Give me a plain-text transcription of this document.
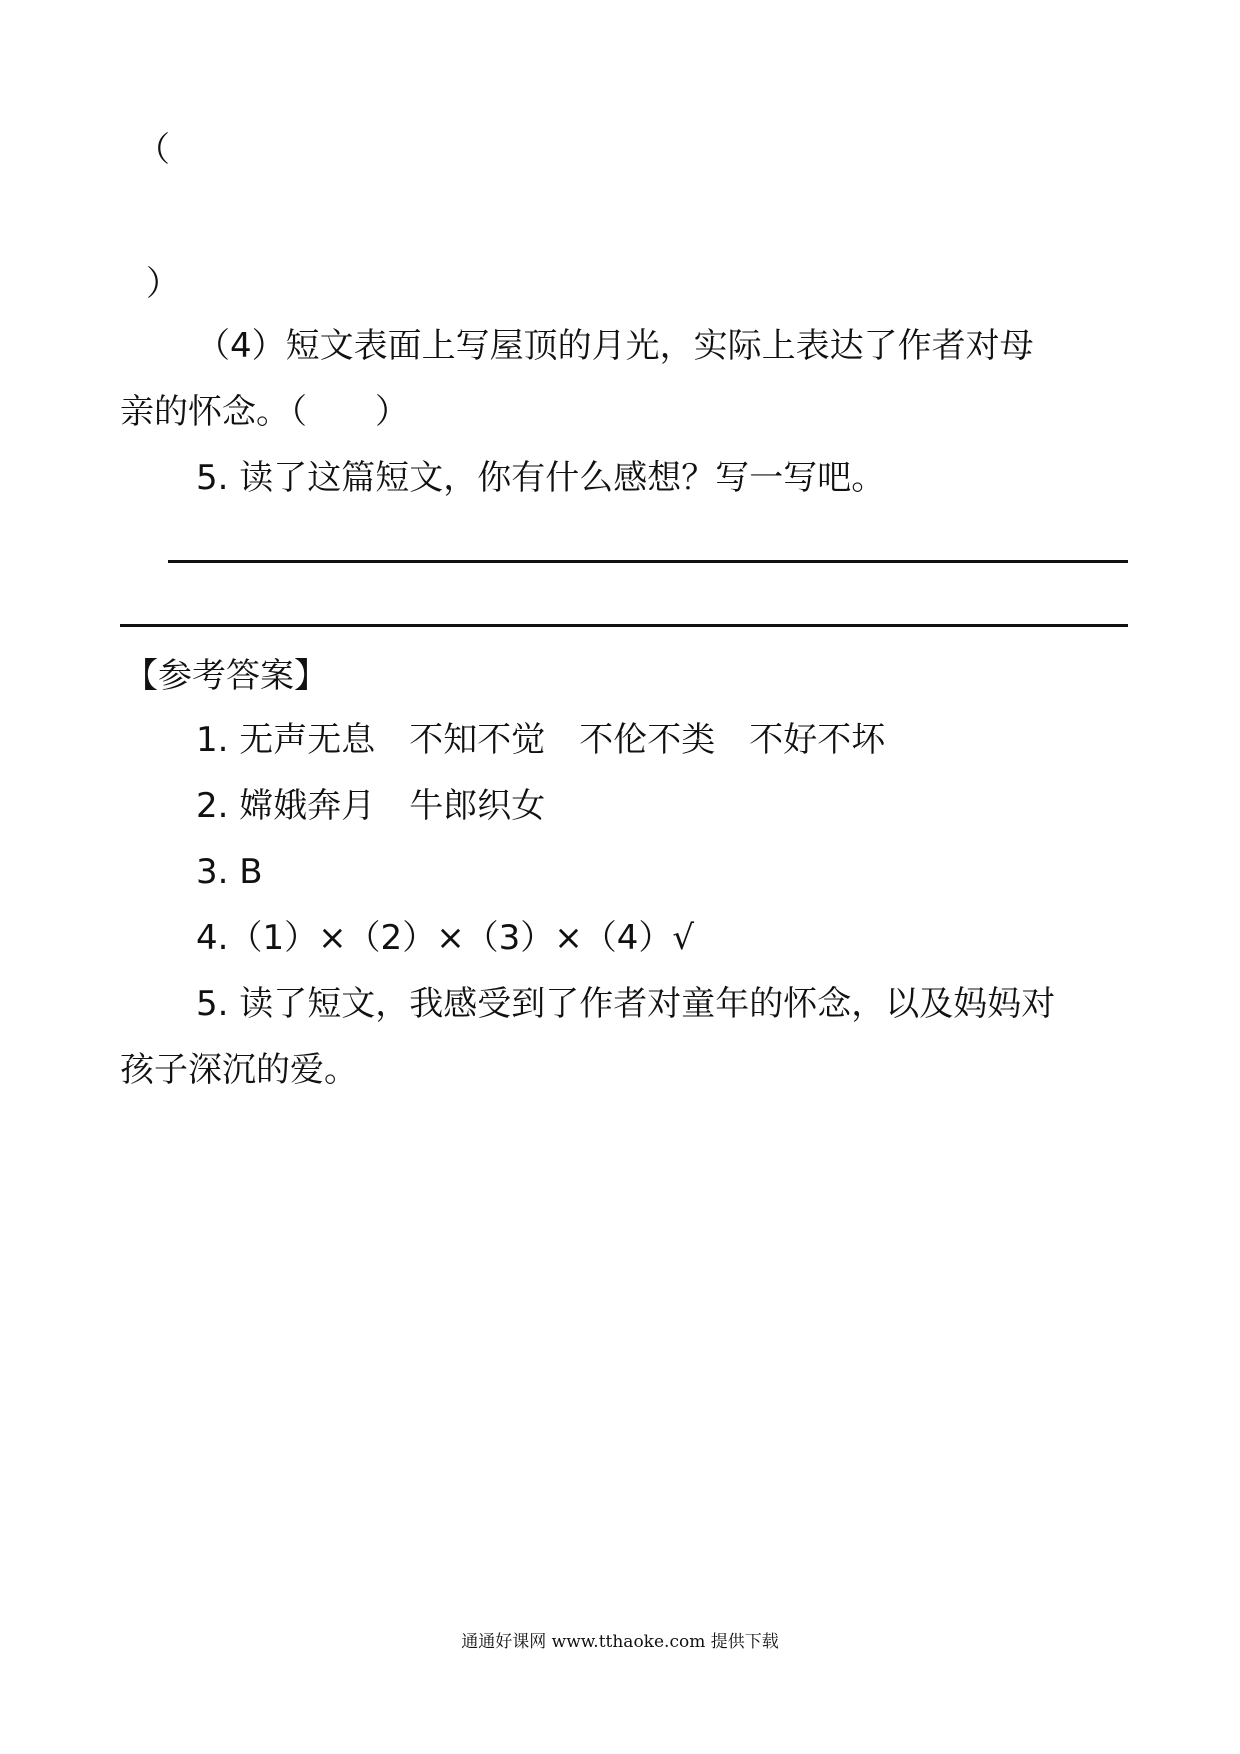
（

）

（4）短文表面上写屋顶的月光，实际上表达了作者对母

亲的怀念。（　　）

5. 读了这篇短文，你有什么感想？写一写吧。

【参考答案】

1. 无声无息　不知不觉　不伦不类　不好不坏

2. 嫦娥奔月　牛郎织女

3. B

4.（1）×（2）×（3）×（4）√

5. 读了短文，我感受到了作者对童年的怀念，以及妈妈对

孩子深沉的爱。

通通好课网 www.tthaoke.com 提供下载
